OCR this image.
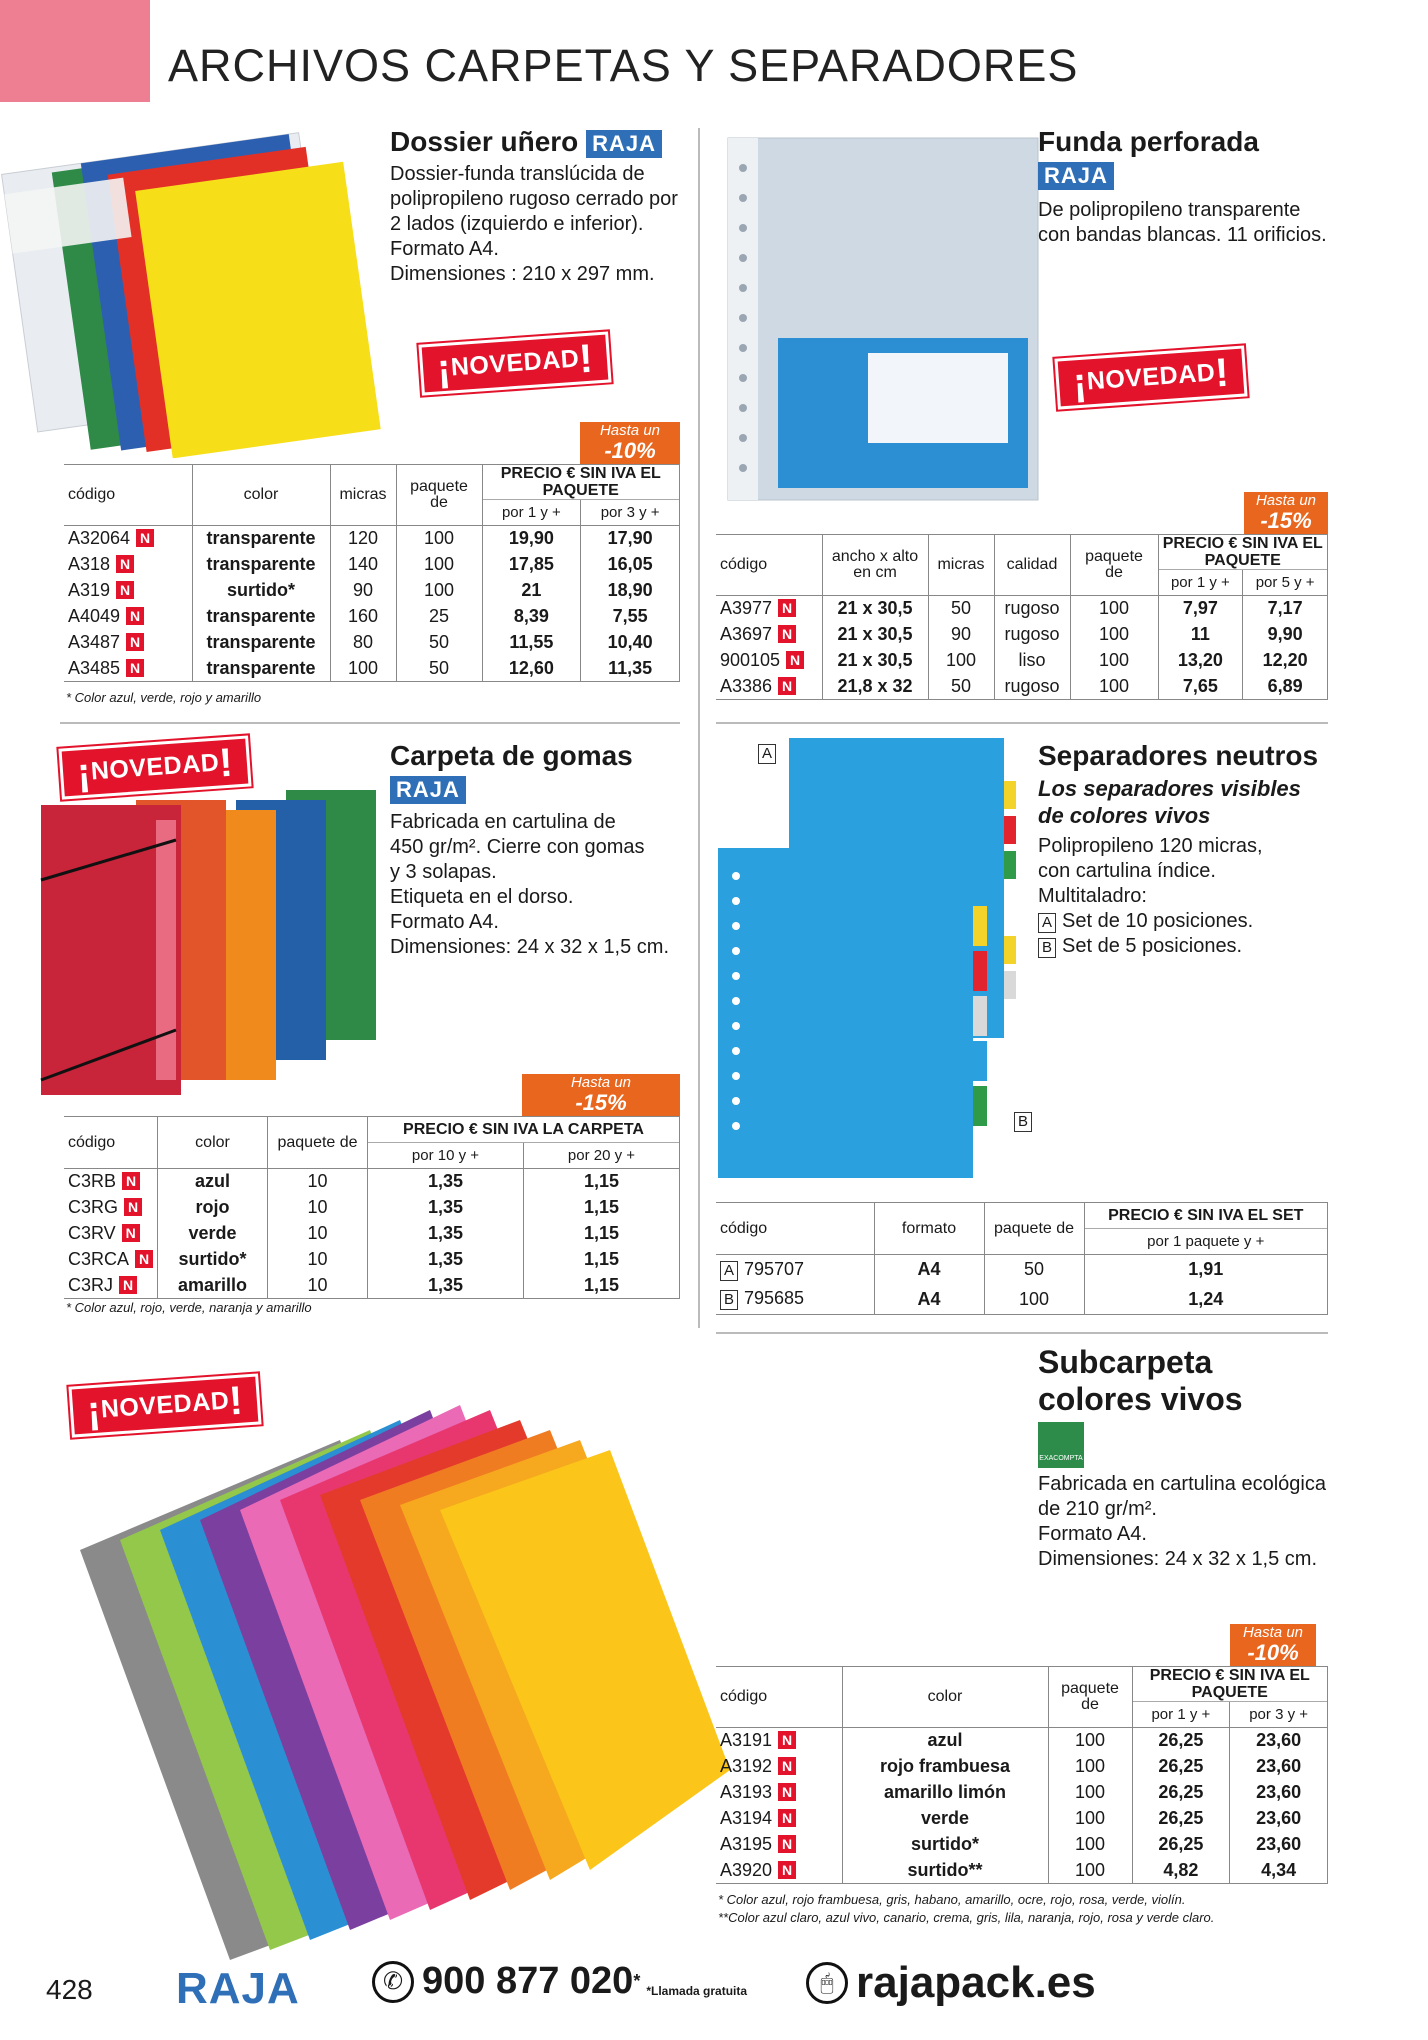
ARCHIVOS CARPETAS Y SEPARADORES
Dossier uñero RAJA
Dossier-funda translúcida de
polipropileno rugoso cerrado por
2 lados (izquierdo e inferior).
Formato A4.
Dimensiones : 210 x 297 mm.
¡NOVEDAD!
Hasta un
-10%
código	color	micras	paquete de	PRECIO € SIN IVA EL PAQUETE	
				por 1 y +	por 3 y +
A32064 N	transparente	120	100	19,90	17,90
A318 N	transparente	140	100	17,85	16,05
A319 N	surtido*	90	100	21	18,90
A4049 N	transparente	160	25	8,39	7,55
A3487 N	transparente	80	50	11,55	10,40
A3485 N	transparente	100	50	12,60	11,35
* Color azul, verde, rojo y amarillo
Funda perforada
RAJA
De polipropileno transparente
con bandas blancas. 11 orificios.
¡NOVEDAD!
Hasta un
-15%
código	ancho x alto en cm	micras	calidad	paquete de	PRECIO € SIN IVA EL PAQUETE	
					por 1 y +	por 5 y +
A3977 N	21 x 30,5	50	rugoso	100	7,97	7,17
A3697 N	21 x 30,5	90	rugoso	100	11	9,90
900105 N	21 x 30,5	100	liso	100	13,20	12,20
A3386 N	21,8 x 32	50	rugoso	100	7,65	6,89
¡NOVEDAD!	Carpeta de gomas
RAJA
Fabricada en cartulina de
450 gr/m². Cierre con gomas
y 3 solapas.
Etiqueta en el dorso.
Formato A4.
Dimensiones: 24 x 32 x 1,5 cm.
Hasta un
-15%
código	color	paquete de	PRECIO € SIN IVA LA CARPETA	
			por 10 y +	por 20 y +
C3RB N	azul	10	1,35	1,15
C3RG N	rojo	10	1,35	1,15
C3RV N	verde	10	1,35	1,15
C3RCA N	surtido*	10	1,35	1,15
C3RJ N	amarillo	10	1,35	1,15
* Color azul, rojo, verde, naranja y amarillo
A
B
Separadores neutros
Los separadores visibles
de colores vivos
Polipropileno 120 micras,
con cartulina índice.
Multitaladro:
A Set de 10 posiciones.
B Set de 5 posiciones.
código	formato	paquete de	PRECIO € SIN IVA EL SET
			por 1 paquete y +
A 795707	A4	50	1,91
B 795685	A4	100	1,24
¡NOVEDAD!
Subcarpeta
colores vivos
EXACOMPTA
Fabricada en cartulina ecológica
de 210 gr/m².
Formato A4.
Dimensiones: 24 x 32 x 1,5 cm.
Hasta un
-10%
código	color	paquete de	PRECIO € SIN IVA EL PAQUETE	
			por 1 y +	por 3 y +
A3191 N	azul	100	26,25	23,60
A3192 N	rojo frambuesa	100	26,25	23,60
A3193 N	amarillo limón	100	26,25	23,60
A3194 N	verde	100	26,25	23,60
A3195 N	surtido*	100	26,25	23,60
A3920 N	surtido**	100	4,82	4,34
* Color azul, rojo frambuesa, gris, habano, amarillo, ocre, rojo, rosa, verde, violín.
**Color azul claro, azul vivo, canario, crema, gris, lila, naranja, rojo, rosa y verde claro.
428 RAJA	✆ 900 877 020 * *Llamada gratuita	🖱 rajapack.es
